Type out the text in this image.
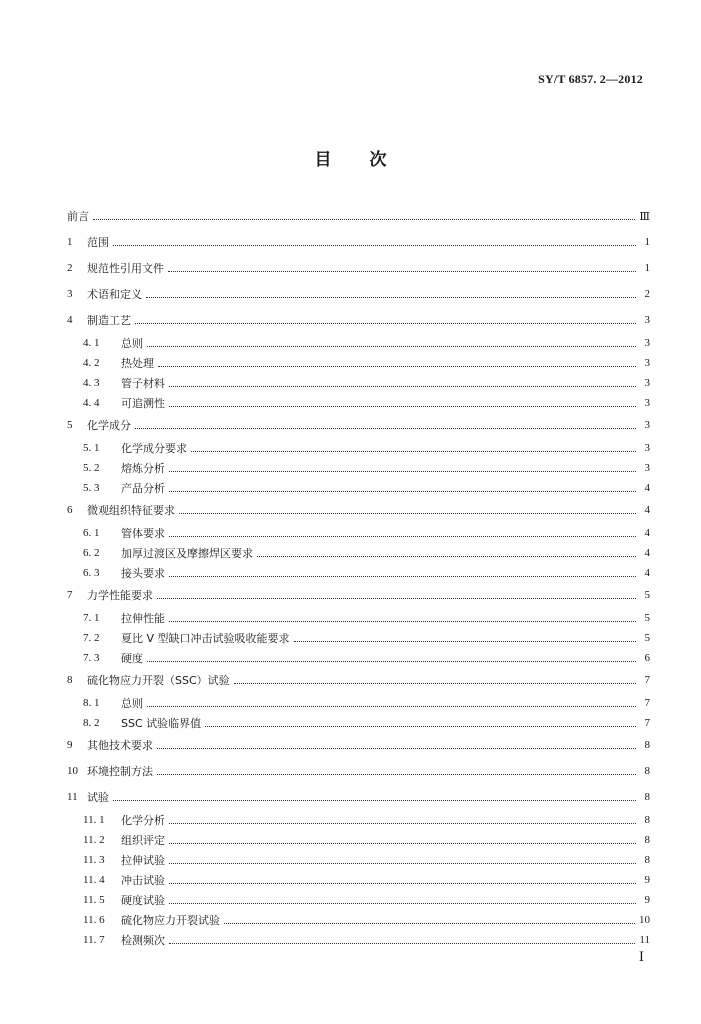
SY/T 6857. 2—2012
目次
前言	Ⅲ
1	范围	1
2	规范性引用文件	1
3	术语和定义	2
4	制造工艺	3
4. 1	总则	3
4. 2	热处理	3
4. 3	管子材料	3
4. 4	可追溯性	3
5	化学成分	3
5. 1	化学成分要求	3
5. 2	熔炼分析	3
5. 3	产品分析	4
6	微观组织特征要求	4
6. 1	管体要求	4
6. 2	加厚过渡区及摩擦焊区要求	4
6. 3	接头要求	4
7	力学性能要求	5
7. 1	拉伸性能	5
7. 2	夏比 V 型缺口冲击试验吸收能要求	5
7. 3	硬度	6
8	硫化物应力开裂（SSC）试验	7
8. 1	总则	7
8. 2	SSC 试验临界值	7
9	其他技术要求	8
10 环境控制方法	8
11 试验	8
11. 1	化学分析	8
11. 2	组织评定	8
11. 3	拉伸试验	8
11. 4	冲击试验	9
11. 5	硬度试验	9
11. 6	硫化物应力开裂试验	10
11. 7	检测频次	11
Ⅰ
